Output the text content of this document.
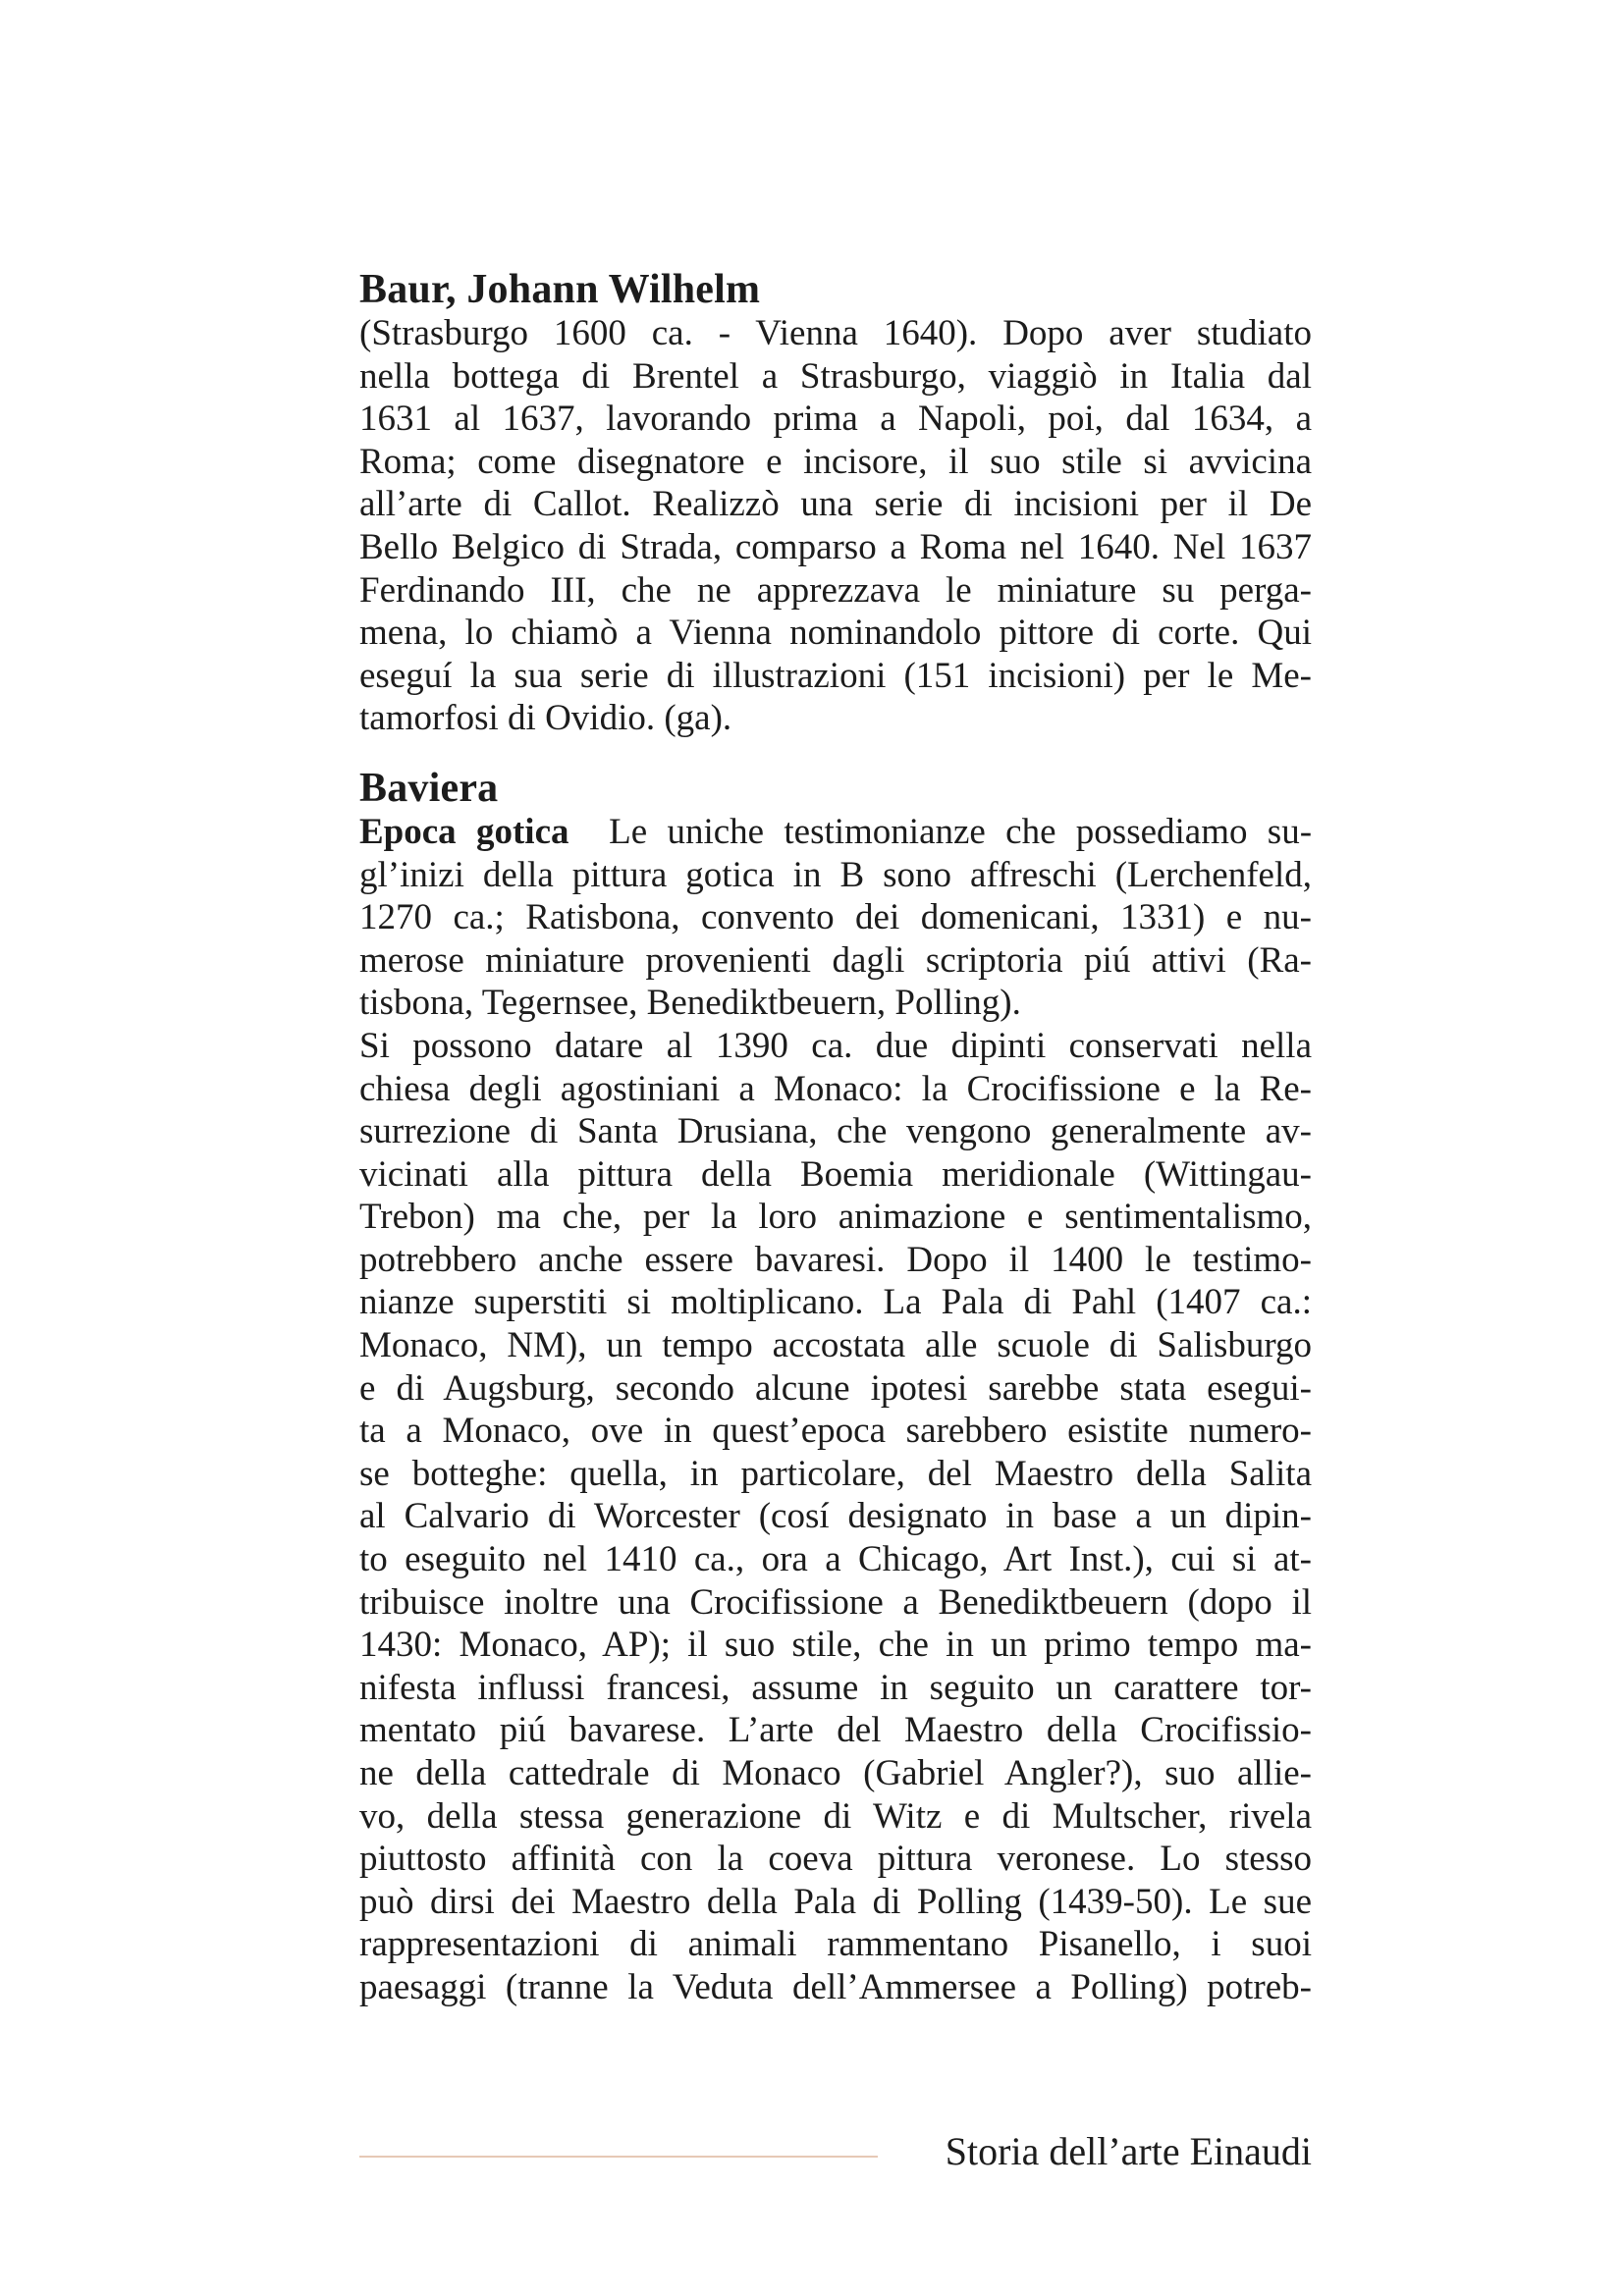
Baur, Johann Wilhelm
(Strasburgo 1600 ca. - Vienna 1640). Dopo aver studiato
nella bottega di Brentel a Strasburgo, viaggiò in Italia dal
1631 al 1637, lavorando prima a Napoli, poi, dal 1634, a
Roma; come disegnatore e incisore, il suo stile si avvicina
all’arte di Callot. Realizzò una serie di incisioni per il De
Bello Belgico di Strada, comparso a Roma nel 1640. Nel 1637
Ferdinando III, che ne apprezzava le miniature su perga-
mena, lo chiamò a Vienna nominandolo pittore di corte. Qui
eseguí la sua serie di illustrazioni (151 incisioni) per le Me-
tamorfosi di Ovidio. (ga).
Baviera
Epoca gotica Le uniche testimonianze che possediamo su-
gl’inizi della pittura gotica in B sono affreschi (Lerchenfeld,
1270 ca.; Ratisbona, convento dei domenicani, 1331) e nu-
merose miniature provenienti dagli scriptoria piú attivi (Ra-
tisbona, Tegernsee, Benediktbeuern, Polling).
Si possono datare al 1390 ca. due dipinti conservati nella
chiesa degli agostiniani a Monaco: la Crocifissione e la Re-
surrezione di Santa Drusiana, che vengono generalmente av-
vicinati alla pittura della Boemia meridionale (Wittingau-
Trebon) ma che, per la loro animazione e sentimentalismo,
potrebbero anche essere bavaresi. Dopo il 1400 le testimo-
nianze superstiti si moltiplicano. La Pala di Pahl (1407 ca.:
Monaco, NM), un tempo accostata alle scuole di Salisburgo
e di Augsburg, secondo alcune ipotesi sarebbe stata esegui-
ta a Monaco, ove in quest’epoca sarebbero esistite numero-
se botteghe: quella, in particolare, del Maestro della Salita
al Calvario di Worcester (cosí designato in base a un dipin-
to eseguito nel 1410 ca., ora a Chicago, Art Inst.), cui si at-
tribuisce inoltre una Crocifissione a Benediktbeuern (dopo il
1430: Monaco, AP); il suo stile, che in un primo tempo ma-
nifesta influssi francesi, assume in seguito un carattere tor-
mentato piú bavarese. L’arte del Maestro della Crocifissio-
ne della cattedrale di Monaco (Gabriel Angler?), suo allie-
vo, della stessa generazione di Witz e di Multscher, rivela
piuttosto affinità con la coeva pittura veronese. Lo stesso
può dirsi dei Maestro della Pala di Polling (1439-50). Le sue
rappresentazioni di animali rammentano Pisanello, i suoi
paesaggi (tranne la Veduta dell’Ammersee a Polling) potreb-
Storia dell’arte Einaudi
